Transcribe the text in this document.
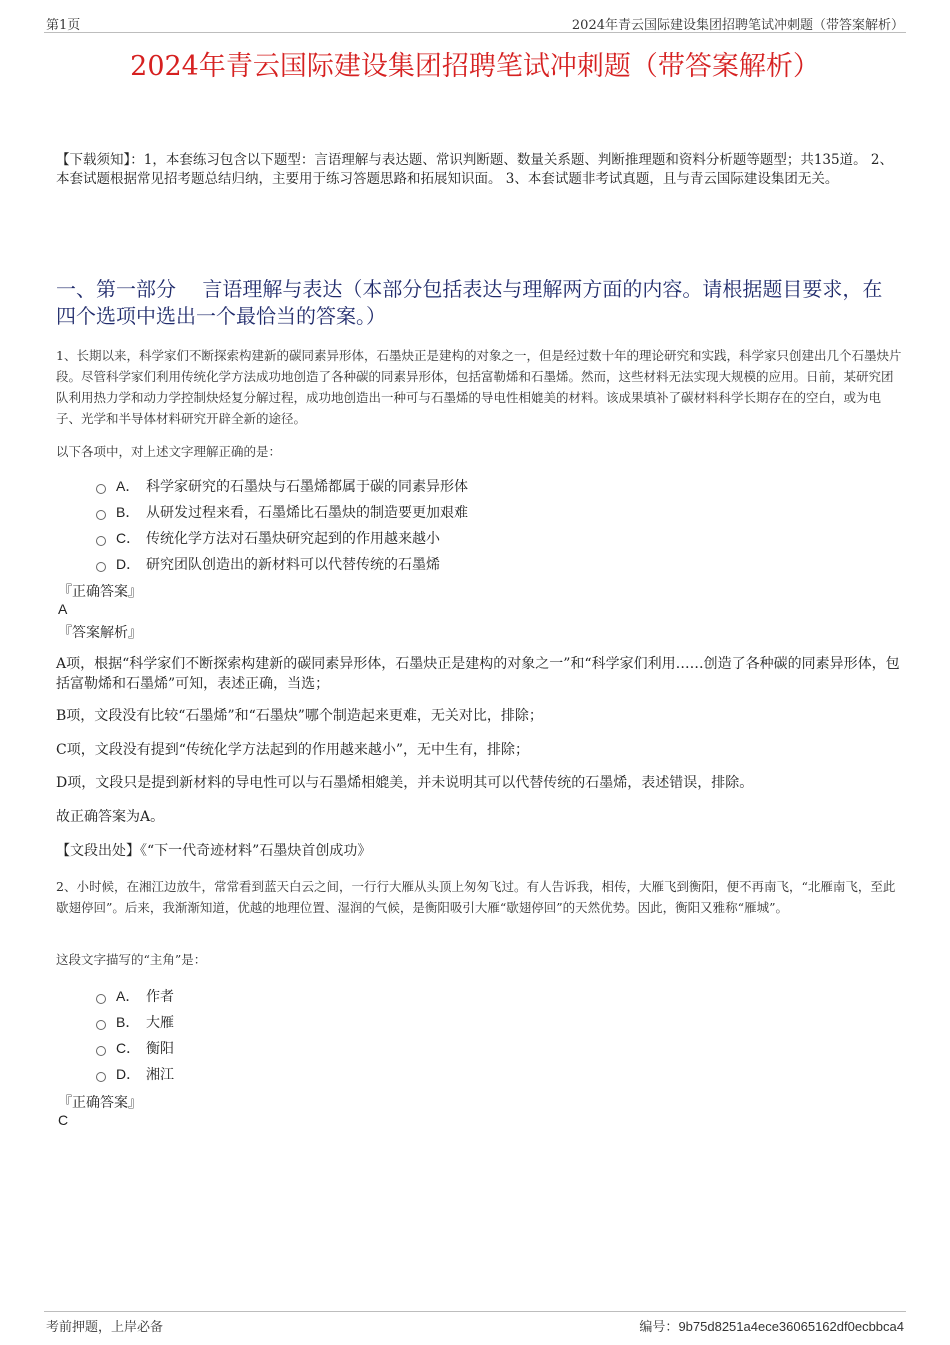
第1页	2024年青云国际建设集团招聘笔试冲刺题（带答案解析）
2024年青云国际建设集团招聘笔试冲刺题（带答案解析）
【下载须知】：1，本套练习包含以下题型：言语理解与表达题、常识判断题、数量关系题、判断推理题和资料分析题等题型；共135道。 2、本套试题根据常见招考题总结归纳，主要用于练习答题思路和拓展知识面。 3、本套试题非考试真题，且与青云国际建设集团无关。
一、第一部分　 言语理解与表达（本部分包括表达与理解两方面的内容。请根据题目要求，在四个选项中选出一个最恰当的答案。）
1、长期以来，科学家们不断探索构建新的碳同素异形体，石墨炔正是建构的对象之一，但是经过数十年的理论研究和实践，科学家只创建出几个石墨炔片段。尽管科学家们利用传统化学方法成功地创造了各种碳的同素异形体，包括富勒烯和石墨烯。然而，这些材料无法实现大规模的应用。日前，某研究团队利用热力学和动力学控制炔烃复分解过程，成功地创造出一种可与石墨烯的导电性相媲美的材料。该成果填补了碳材料科学长期存在的空白，或为电子、光学和半导体材料研究开辟全新的途径。
以下各项中，对上述文字理解正确的是：
A． 科学家研究的石墨炔与石墨烯都属于碳的同素异形体
B． 从研发过程来看，石墨烯比石墨炔的制造要更加艰难
C． 传统化学方法对石墨炔研究起到的作用越来越小
D． 研究团队创造出的新材料可以代替传统的石墨烯
『正确答案』
A
『答案解析』
A项，根据“科学家们不断探索构建新的碳同素异形体，石墨炔正是建构的对象之一”和“科学家们利用……创造了各种碳的同素异形体，包括富勒烯和石墨烯”可知，表述正确，当选；
B项，文段没有比较“石墨烯”和“石墨炔”哪个制造起来更难，无关对比，排除；
C项，文段没有提到“传统化学方法起到的作用越来越小”，无中生有，排除；
D项，文段只是提到新材料的导电性可以与石墨烯相媲美，并未说明其可以代替传统的石墨烯，表述错误，排除。
故正确答案为A。
【文段出处】《“下一代奇迹材料”石墨炔首创成功》
2、小时候，在湘江边放牛，常常看到蓝天白云之间，一行行大雁从头顶上匆匆飞过。有人告诉我，相传，大雁飞到衡阳，便不再南飞，“北雁南飞，至此歇翅停回”。后来，我渐渐知道，优越的地理位置、湿润的气候，是衡阳吸引大雁“歇翅停回”的天然优势。因此，衡阳又雅称“雁城”。
这段文字描写的“主角”是：
A． 作者
B． 大雁
C． 衡阳
D． 湘江
『正确答案』
C
考前押题，上岸必备	编号：9b75d8251a4ece36065162df0ecbbca4
